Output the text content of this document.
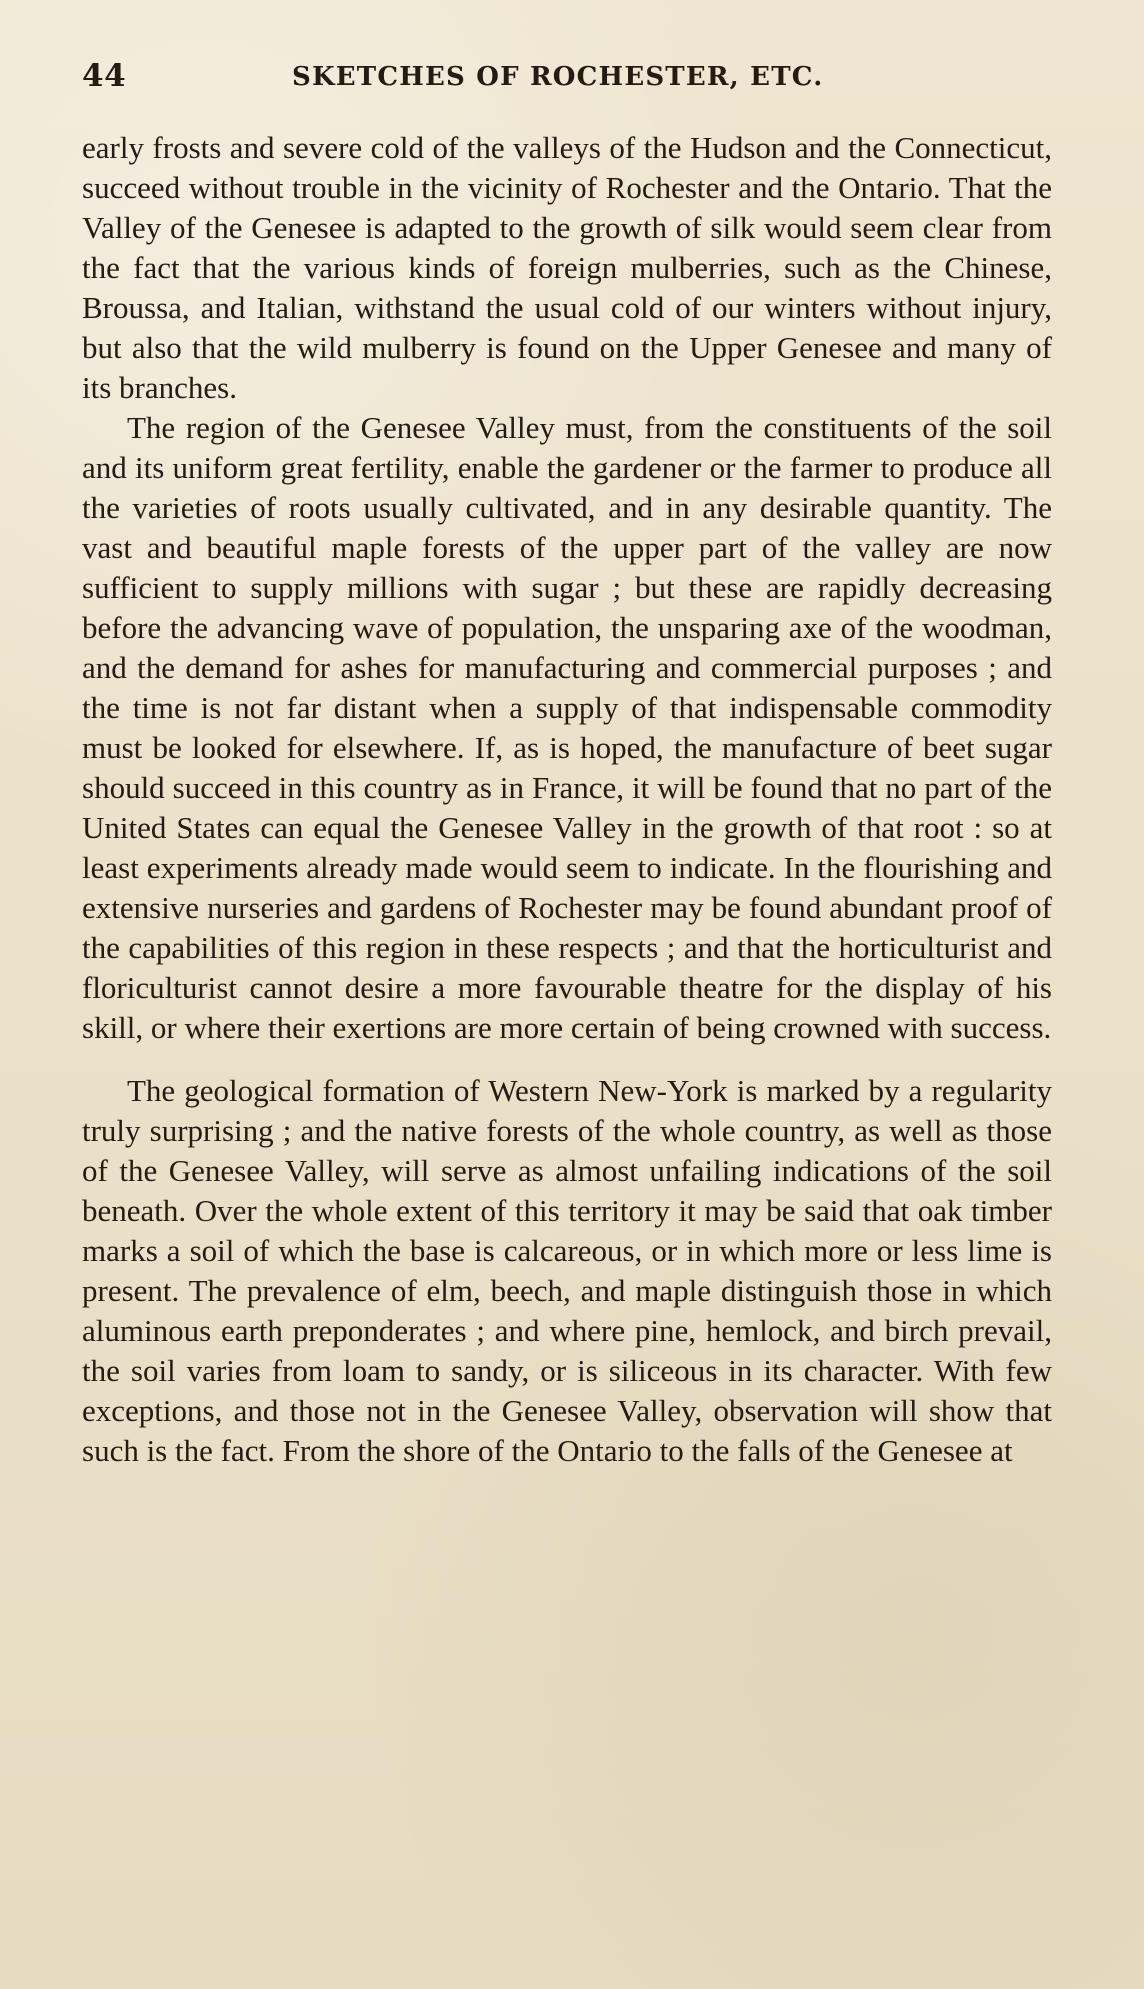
44	SKETCHES OF ROCHESTER, ETC.

early frosts and severe cold of the valleys of the Hudson and the Connecticut, succeed without trouble in the vicinity of Rochester and the Ontario. That the Valley of the Genesee is adapted to the growth of silk would seem clear from the fact that the various kinds of foreign mulberries, such as the Chinese, Broussa, and Italian, withstand the usual cold of our winters without injury, but also that the wild mulberry is found on the Upper Genesee and many of its branches.

The region of the Genesee Valley must, from the constituents of the soil and its uniform great fertility, enable the gardener or the farmer to produce all the varieties of roots usually cultivated, and in any desirable quantity. The vast and beautiful maple forests of the upper part of the valley are now sufficient to supply millions with sugar ; but these are rapidly decreasing before the advancing wave of population, the unsparing axe of the woodman, and the demand for ashes for manufacturing and commercial purposes ; and the time is not far distant when a supply of that indispensable commodity must be looked for elsewhere. If, as is hoped, the manufacture of beet sugar should succeed in this country as in France, it will be found that no part of the United States can equal the Genesee Valley in the growth of that root : so at least experiments already made would seem to indicate. In the flourishing and extensive nurseries and gardens of Rochester may be found abundant proof of the capabilities of this region in these respects ; and that the horticulturist and floriculturist cannot desire a more favourable theatre for the display of his skill, or where their exertions are more certain of being crowned with success.

The geological formation of Western New-York is marked by a regularity truly surprising ; and the native forests of the whole country, as well as those of the Genesee Valley, will serve as almost unfailing indications of the soil beneath. Over the whole extent of this territory it may be said that oak timber marks a soil of which the base is calcareous, or in which more or less lime is present. The prevalence of elm, beech, and maple distinguish those in which aluminous earth preponderates ; and where pine, hemlock, and birch prevail, the soil varies from loam to sandy, or is siliceous in its character. With few exceptions, and those not in the Genesee Valley, observation will show that such is the fact. From the shore of the Ontario to the falls of the Genesee at
